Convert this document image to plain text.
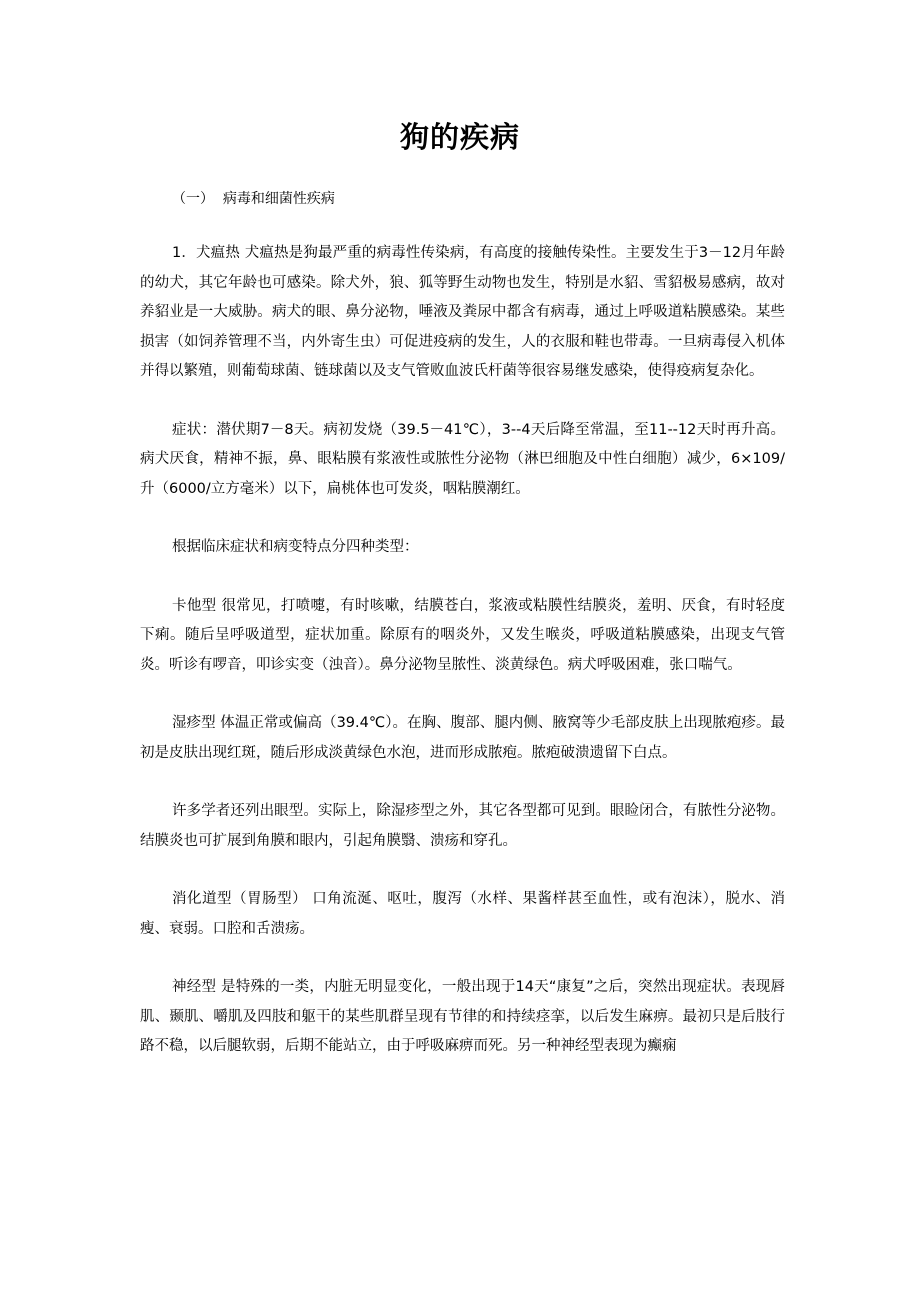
狗的疾病
（一）  病毒和细菌性疾病

1．犬瘟热 犬瘟热是狗最严重的病毒性传染病，有高度的接触传染性。主要发生于3－12月年龄的幼犬，其它年龄也可感染。除犬外，狼、狐等野生动物也发生，特别是水貂、雪貂极易感病，故对养貂业是一大威胁。病犬的眼、鼻分泌物，唾液及粪尿中都含有病毒，通过上呼吸道粘膜感染。某些损害（如饲养管理不当，内外寄生虫）可促进疫病的发生，人的衣服和鞋也带毒。一旦病毒侵入机体并得以繁殖，则葡萄球菌、链球菌以及支气管败血波氏杆菌等很容易继发感染，使得疫病复杂化。

症状：潜伏期7－8天。病初发烧（39.5－41℃），3--4天后降至常温，至11--12天时再升高。病犬厌食，精神不振，鼻、眼粘膜有浆液性或脓性分泌物（淋巴细胞及中性白细胞）减少，6×109/升（6000/立方毫米）以下，扁桃体也可发炎，咽粘膜潮红。

根据临床症状和病变特点分四种类型：

卡他型 很常见，打喷嚏，有时咳嗽，结膜苍白，浆液或粘膜性结膜炎，羞明、厌食，有时轻度下痢。随后呈呼吸道型，症状加重。除原有的咽炎外，又发生喉炎，呼吸道粘膜感染，出现支气管炎。听诊有啰音，叩诊实变（浊音）。鼻分泌物呈脓性、淡黄绿色。病犬呼吸困难，张口喘气。

湿疹型 体温正常或偏高（39.4℃）。在胸、腹部、腿内侧、腋窝等少毛部皮肤上出现脓疱疹。最初是皮肤出现红斑，随后形成淡黄绿色水泡，进而形成脓疱。脓疱破溃遗留下白点。

许多学者还列出眼型。实际上，除湿疹型之外，其它各型都可见到。眼睑闭合，有脓性分泌物。结膜炎也可扩展到角膜和眼内，引起角膜翳、溃疡和穿孔。

消化道型（胃肠型） 口角流涎、呕吐，腹泻（水样、果酱样甚至血性，或有泡沫），脱水、消瘦、衰弱。口腔和舌溃疡。

神经型 是特殊的一类，内脏无明显变化，一般出现于14天“康复”之后，突然出现症状。表现唇肌、颞肌、嚼肌及四肢和躯干的某些肌群呈现有节律的和持续痉挛，以后发生麻痹。最初只是后肢行路不稳，以后腿软弱，后期不能站立，由于呼吸麻痹而死。另一种神经型表现为癫痫
